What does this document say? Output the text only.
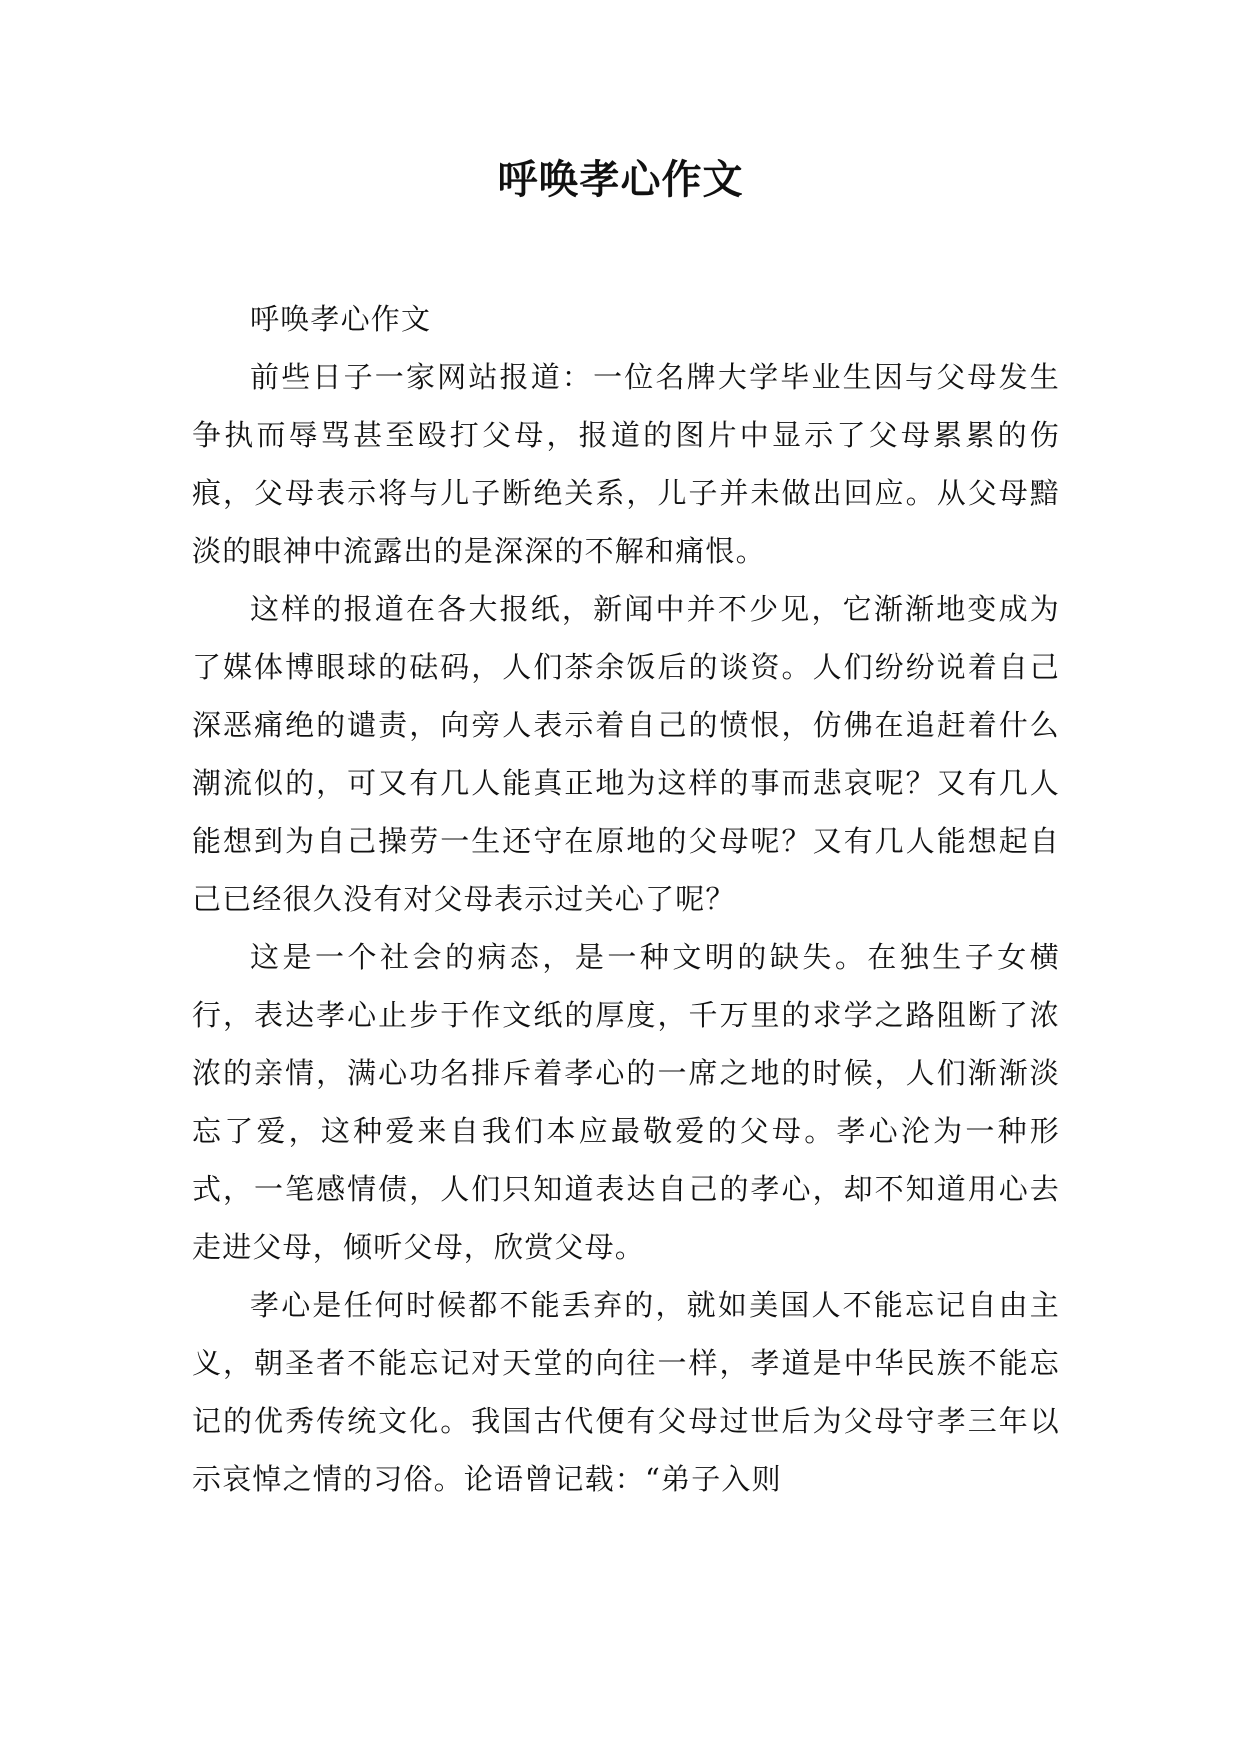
呼唤孝心作文

呼唤孝心作文

前些日子一家网站报道：一位名牌大学毕业生因与父母发生争执而辱骂甚至殴打父母，报道的图片中显示了父母累累的伤痕，父母表示将与儿子断绝关系，儿子并未做出回应。从父母黯淡的眼神中流露出的是深深的不解和痛恨。

这样的报道在各大报纸，新闻中并不少见，它渐渐地变成为了媒体博眼球的砝码，人们茶余饭后的谈资。人们纷纷说着自己深恶痛绝的谴责，向旁人表示着自己的愤恨，仿佛在追赶着什么潮流似的，可又有几人能真正地为这样的事而悲哀呢？又有几人能想到为自己操劳一生还守在原地的父母呢？又有几人能想起自己已经很久没有对父母表示过关心了呢？

这是一个社会的病态，是一种文明的缺失。在独生子女横行，表达孝心止步于作文纸的厚度，千万里的求学之路阻断了浓浓的亲情，满心功名排斥着孝心的一席之地的时候，人们渐渐淡忘了爱，这种爱来自我们本应最敬爱的父母。孝心沦为一种形式，一笔感情债，人们只知道表达自己的孝心，却不知道用心去走进父母，倾听父母，欣赏父母。

孝心是任何时候都不能丢弃的，就如美国人不能忘记自由主义，朝圣者不能忘记对天堂的向往一样，孝道是中华民族不能忘记的优秀传统文化。我国古代便有父母过世后为父母守孝三年以示哀悼之情的习俗。论语曾记载：“弟子入则
